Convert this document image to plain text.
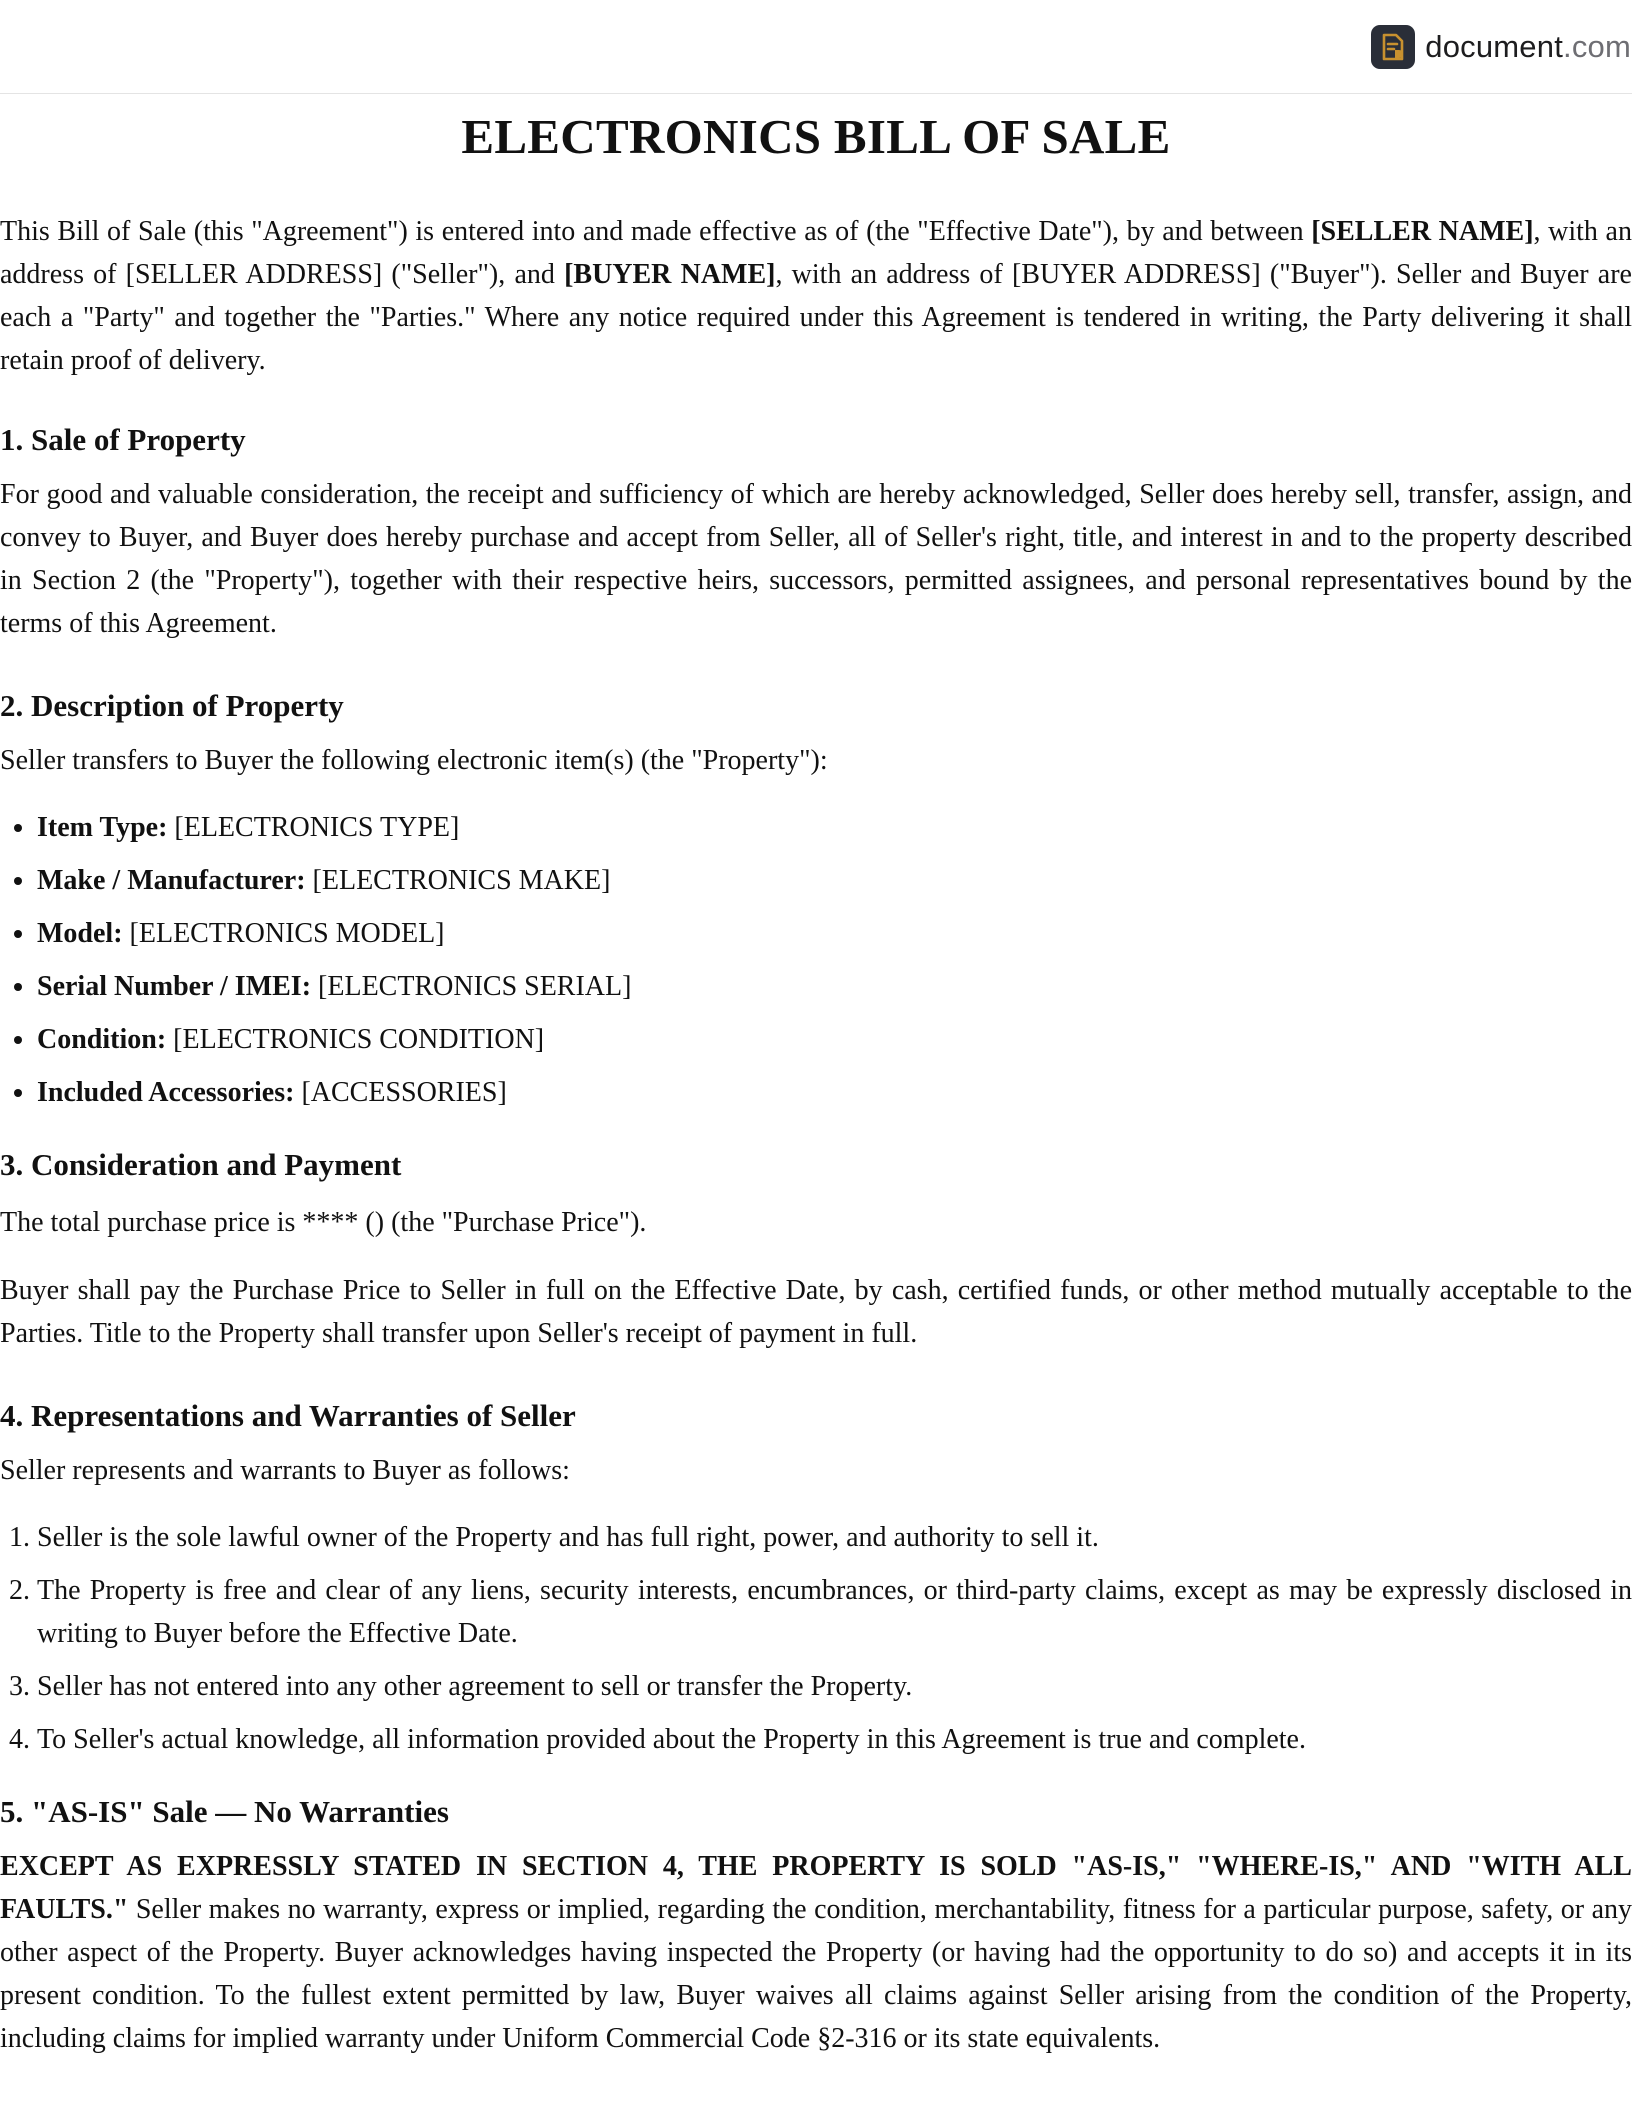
document.com
ELECTRONICS BILL OF SALE

This Bill of Sale (this "Agreement") is entered into and made effective as of (the "Effective Date"), by and between [SELLER NAME], with an address of [SELLER ADDRESS] ("Seller"), and [BUYER NAME], with an address of [BUYER ADDRESS] ("Buyer"). Seller and Buyer are each a "Party" and together the "Parties." Where any notice required under this Agreement is tendered in writing, the Party delivering it shall retain proof of delivery.

1. Sale of Property

For good and valuable consideration, the receipt and sufficiency of which are hereby acknowledged, Seller does hereby sell, transfer, assign, and convey to Buyer, and Buyer does hereby purchase and accept from Seller, all of Seller's right, title, and interest in and to the property described in Section 2 (the "Property"), together with their respective heirs, successors, permitted assignees, and personal representatives bound by the terms of this Agreement.

2. Description of Property

Seller transfers to Buyer the following electronic item(s) (the "Property"):

• Item Type: [ELECTRONICS TYPE]
• Make / Manufacturer: [ELECTRONICS MAKE]
• Model: [ELECTRONICS MODEL]
• Serial Number / IMEI: [ELECTRONICS SERIAL]
• Condition: [ELECTRONICS CONDITION]
• Included Accessories: [ACCESSORIES]
3. Consideration and Payment

The total purchase price is **** () (the "Purchase Price").

Buyer shall pay the Purchase Price to Seller in full on the Effective Date, by cash, certified funds, or other method mutually acceptable to the Parties. Title to the Property shall transfer upon Seller's receipt of payment in full.

4. Representations and Warranties of Seller

Seller represents and warrants to Buyer as follows:

1. Seller is the sole lawful owner of the Property and has full right, power, and authority to sell it.
2. The Property is free and clear of any liens, security interests, encumbrances, or third-party claims, except as may be expressly disclosed in writing to Buyer before the Effective Date.
3. Seller has not entered into any other agreement to sell or transfer the Property.
4. To Seller's actual knowledge, all information provided about the Property in this Agreement is true and complete.
5. "AS-IS" Sale — No Warranties

EXCEPT AS EXPRESSLY STATED IN SECTION 4, THE PROPERTY IS SOLD "AS-IS," "WHERE-IS," AND "WITH ALL FAULTS." Seller makes no warranty, express or implied, regarding the condition, merchantability, fitness for a particular purpose, safety, or any other aspect of the Property. Buyer acknowledges having inspected the Property (or having had the opportunity to do so) and accepts it in its present condition. To the fullest extent permitted by law, Buyer waives all claims against Seller arising from the condition of the Property, including claims for implied warranty under Uniform Commercial Code §2-316 or its state equivalents.
